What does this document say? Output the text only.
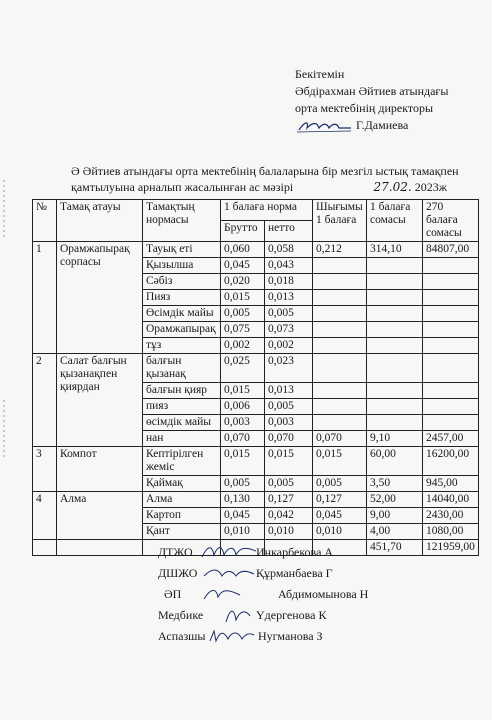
Бекітемін
Әбдірахман Әйтиев атындағы
орта мектебінің директоры
Г.Дамиева
Ә Әйтиев атындағы орта мектебінің балаларына бір мезгіл ыстық тамақпен
қамтылуына арналып жасалынған ас мәзірі	27.02. 2023ж
№	Тамақ атауы	Тамақтың нормасы	1 балаға норма		Шығымы 1 балаға	1 балаға сомасы	270 балаға сомасы
			Брутто	нетто			
1	Орамжапырақ сорпасы	Тауық еті	0,060	0,058	0,212	314,10	84807,00
		Қызылша	0,045	0,043			
		Сәбіз	0,020	0,018			
		Пияз	0,015	0,013			
		Өсімдік майы	0,005	0,005			
		Орамжапырақ	0,075	0,073			
		тұз	0,002	0,002			
2	Салат балғын қызанақпен қиярдан	балғын қызанақ	0,025	0,023			
		балғын қияр	0,015	0,013			
		пияз	0,006	0,005			
		өсімдік майы	0,003	0,003			
		нан	0,070	0,070	0,070	9,10	2457,00
3	Компот	Кептірілген жеміс	0,015	0,015	0,015	60,00	16200,00
		Қаймақ	0,005	0,005	0,005	3,50	945,00
4	Алма	Алма	0,130	0,127	0,127	52,00	14040,00
		Картоп	0,045	0,042	0,045	9,00	2430,00
		Қант	0,010	0,010	0,010	4,00	1080,00
						451,70	121959,00
ДТЖО	Инкарбекова А
ДШЖО	Құрманбаева Г
ӘП	Абдимомынова Н
Медбике	Үдергенова К
Аспазшы	Нугманова З
